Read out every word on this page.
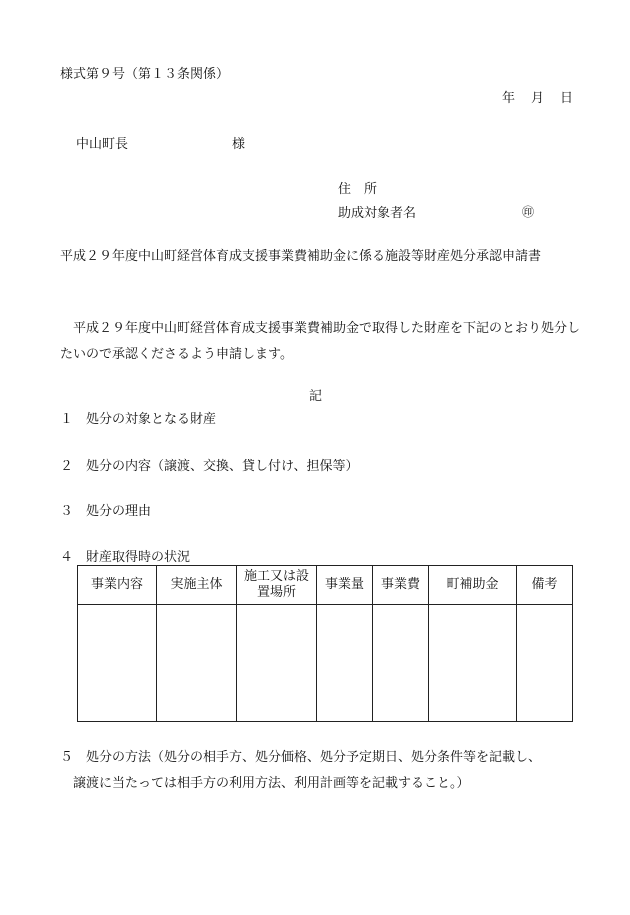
様式第９号（第１３条関係）
年 月 日
中山町長	様
住　所
助成対象者名	㊞
平成２９年度中山町経営体育成支援事業費補助金に係る施設等財産処分承認申請書
平成２９年度中山町経営体育成支援事業費補助金で取得した財産を下記のとおり処分したいので承認くださるよう申請します。
記
１ 処分の対象となる財産
２ 処分の内容（譲渡、交換、貸し付け、担保等）
３ 処分の理由
４ 財産取得時の状況
事業内容	実施主体	施工又は設置場所	事業量	事業費	町補助金	備考

５ 処分の方法（処分の相手方、処分価格、処分予定期日、処分条件等を記載し、
譲渡に当たっては相手方の利用方法、利用計画等を記載すること。）
